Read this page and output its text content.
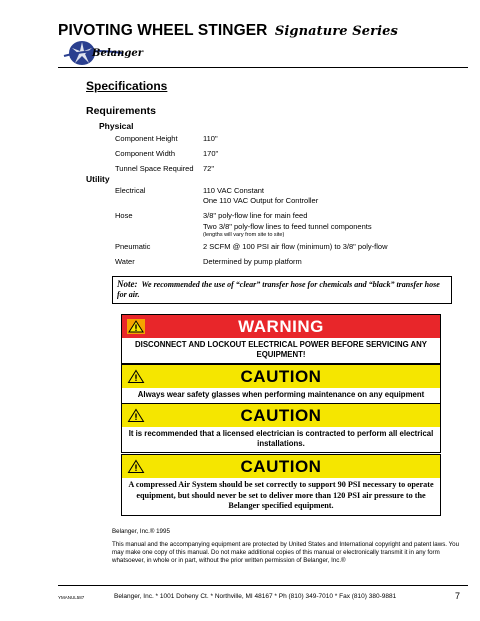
PIVOTING WHEEL STINGER Signature Series
Belanger
Specifications
Requirements
Physical
Component Height	110"
Component Width	170"
Tunnel Space Required 72"
Utility
Electrical	110 VAC Constant
One 110 VAC Output for Controller
Hose	3/8" poly-flow line for main feed
Two 3/8" poly-flow lines to feed tunnel components
(lengths will vary from site to site)
Pneumatic	2 SCFM @ 100 PSI air flow (minimum) to 3/8" poly-flow
Water	Determined by pump platform
Note: We recommended the use of “clear” transfer hose for chemicals and “black” transfer hose for air.
WARNING
DISCONNECT AND LOCKOUT ELECTRICAL POWER BEFORE SERVICING ANY EQUIPMENT!
CAUTION
Always wear safety glasses when performing maintenance on any equipment
CAUTION
It is recommended that a licensed electrician is contracted to perform all electrical installations.
CAUTION
A compressed Air System should be set correctly to support 90 PSI necessary to operate equipment, but should never be set to deliver more than 120 PSI air pressure to the Belanger specified equipment.
Belanger, Inc.® 1995
This manual and the accompanying equipment are protected by United States and International copyright and patent laws. You may make one copy of this manual. Do not make additional copies of this manual or electronically transmit it in any form whatsoever, in whole or in part, without the prior written permission of Belanger, Inc.®
YMANUL587	Belanger, Inc. * 1001 Doheny Ct. * Northville, MI 48167 * Ph (810) 349-7010 * Fax (810) 380-9881	7
